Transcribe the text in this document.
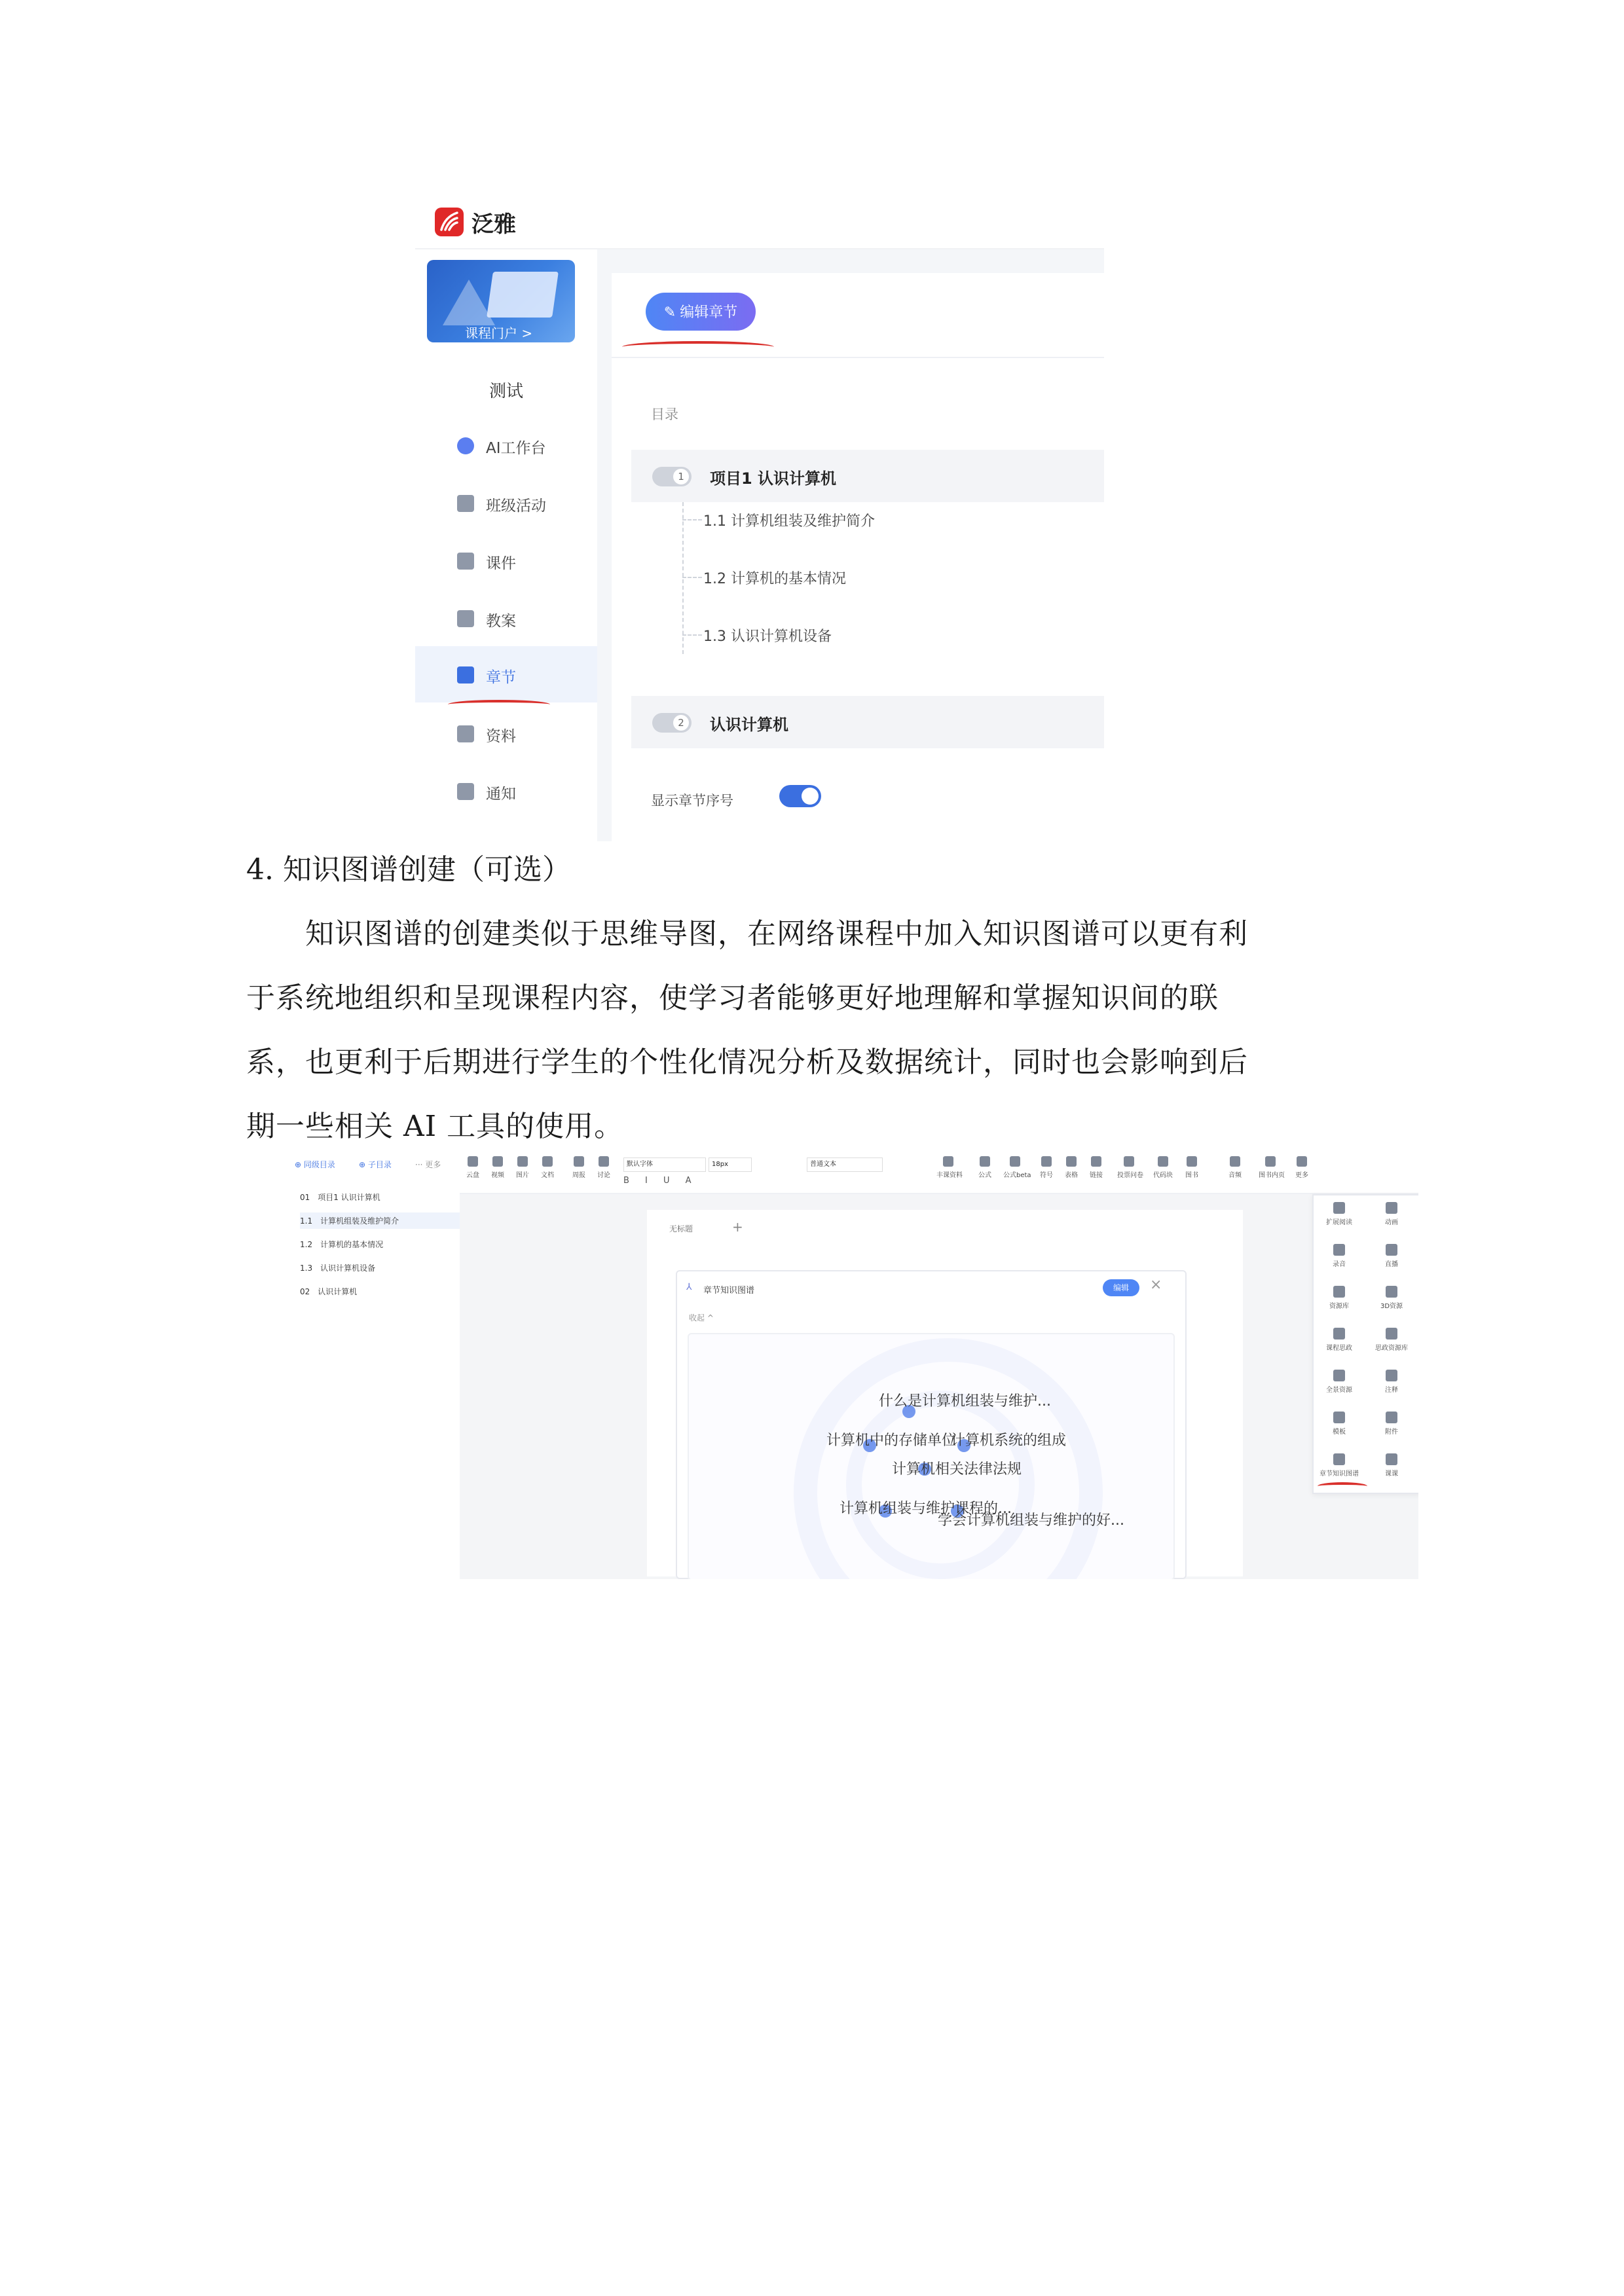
泛雅
课程门户 >
测试
AI工作台
班级活动
课件
教案
章节
资料
通知
✎ 编辑章节
目录
1	项目1 认识计算机
1.1 计算机组装及维护简介
1.2 计算机的基本情况
1.3 认识计算机设备
2	认识计算机
显示章节序号
4. 知识图谱创建（可选）
　　知识图谱的创建类似于思维导图，在网络课程中加入知识图谱可以更有利
于系统地组织和呈现课程内容，使学习者能够更好地理解和掌握知识间的联
系，也更利于后期进行学生的个性化情况分析及数据统计，同时也会影响到后
期一些相关 AI 工具的使用。
⊕ 同级目录	⊕ 子目录	··· 更多
01　项目1 认识计算机
1.1　计算机组装及维护简介
1.2　计算机的基本情况
1.3　认识计算机设备
02　认识计算机
云盘	视频	图片	文档	周报	讨论
默认字体	18px	普通文本
B I U A
丰课资料	公式	公式beta	符号	表格	链接	投票问卷	代码块	图书	音频	图书内页	更多
无标题	+
⅄ 章节知识图谱	编辑	×
收起 ^
什么是计算机组装与维护...
计算机中的存储单位
计算机系统的组成
计算机相关法律法规
计算机组装与维护课程的...
学会计算机组装与维护的好...
扩展阅读	动画
录音	直播
资源库	3D资源
课程思政	思政资源库
全景资源	注释
模板	附件
章节知识图谱	课课
